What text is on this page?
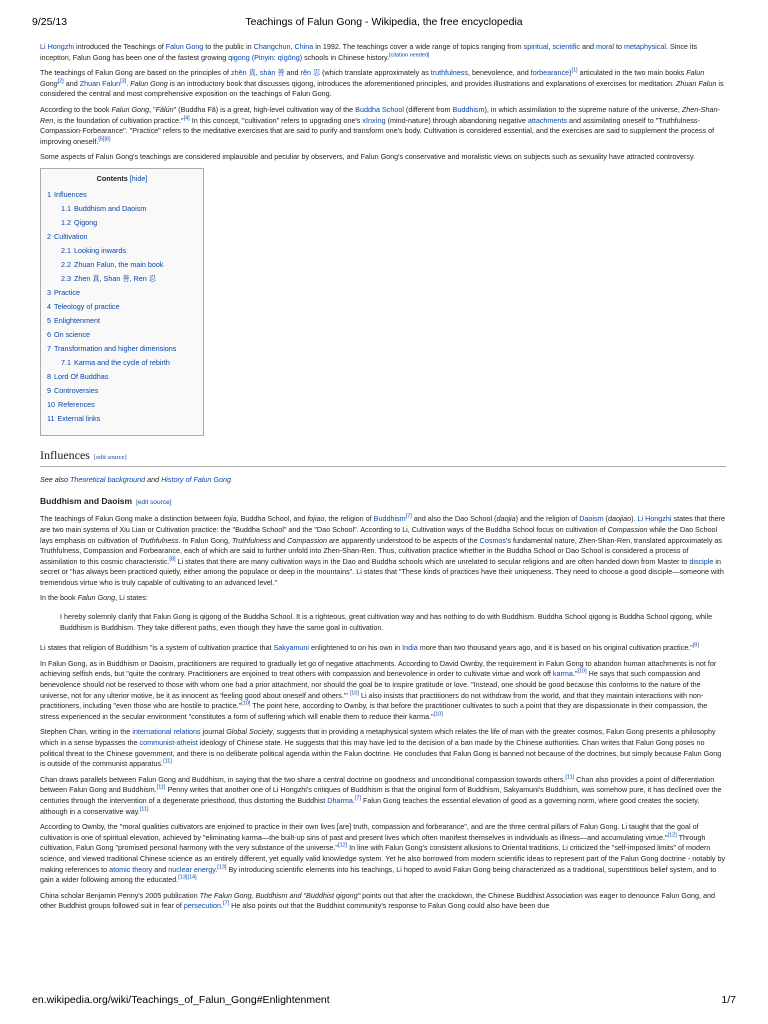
9/25/13	Teachings of Falun Gong - Wikipedia, the free encyclopedia

Li Hongzhi introduced the Teachings of Falun Gong to the public in Changchun, China in 1992. The teachings cover a wide range of topics ranging from spiritual, scientific and moral to metaphysical. Since its inception, Falun Gong has been one of the fastest growing qigong (Pinyin: qìgōng) schools in Chinese history.[citation needed]

The teachings of Falun Gong are based on the principles of zhēn 真, shàn 善 and rěn 忍 (which translate approximately as truthfulness, benevolence, and forbearance)[1] articulated in the two main books Falun Gong[2] and Zhuan Falun[3]. Falun Gong is an introductory book that discusses qigong, introduces the aforementioned principles, and provides illustrations and explanations of exercises for meditation. Zhuan Falun is considered the central and most comprehensive exposition on the teachings of Falun Gong.

According to the book Falun Gong, "Fălún" (Buddha Fă) is a great, high-level cultivation way of the Buddha School (different from Buddhism), in which assimilation to the supreme nature of the universe, Zhen-Shan-Ren, is the foundation of cultivation practice."[4] In this concept, "cultivation" refers to upgrading one's xīnxìng (mind-nature) through abandoning negative attachments and assimilating oneself to "Truthfulness-Compassion-Forbearance". "Practice" refers to the meditative exercises that are said to purify and transform one's body. Cultivation is considered essential, and the exercises are said to supplement the process of improving oneself.[5][6]

Some aspects of Falun Gong's teachings are considered implausible and peculiar by observers, and Falun Gong's conservative and moralistic views on subjects such as sexuality have attracted controversy.

Contents [hide]
1 Influences
1.1 Buddhism and Daoism
1.2 Qigong
2 Cultivation
2.1 Looking inwards
2.2 Zhuan Falun, the main book
2.3 Zhen 真, Shan 善, Ren 忍
3 Practice
4 Teleology of practice
5 Enlightenment
6 On science
7 Transformation and higher dimensions
7.1 Karma and the cycle of rebirth
8 Lord Of Buddhas
9 Controversies
10 References
11 External links
Influences [edit source]
See also Theoretical background and History of Falun Gong
Buddhism and Daoism [edit source]

The teachings of Falun Gong make a distinction between fojia, Buddha School, and fojiao, the religion of Buddhism[7] and also the Dao School (daojia) and the religion of Daoism (daojiao). Li Hongzhi states that there are two main systems of Xiu Lian or Cultivation practice: the "Buddha School" and the "Dao School". According to Li, Cultivation ways of the Buddha School focus on cultivation of Compassion while the Dao School lays emphasis on cultivation of Truthfulness. In Falun Gong, Truthfulness and Compassion are apparently understood to be aspects of the Cosmos's fundamental nature, Zhen-Shan-Ren, translated approximately as Truthfulness, Compassion and Forbearance, each of which are said to further unfold into Zhen-Shan-Ren. Thus, cultivation practice whether in the Buddha School or Dao School is considered a process of assimilation to this cosmic characteristic.[8] Li states that there are many cultivation ways in the Dao and Buddha schools which are unrelated to secular religions and are often handed down from Master to disciple in secret or "has always been practiced quietly, either among the populace or deep in the mountains". Li states that "These kinds of practices have their uniqueness. They need to choose a good disciple—someone with tremendous virtue who is truly capable of cultivating to an advanced level."

In the book Falun Gong, Li states:

I hereby solemnly clarify that Falun Gong is qigong of the Buddha School. It is a righteous, great cultivation way and has nothing to do with Buddhism. Buddha School qigong is Buddha School qigong, while Buddhism is Buddhism. They take different paths, even though they have the same goal in cultivation.

Li states that religion of Buddhism "is a system of cultivation practice that Sakyamuni enlightened to on his own in India more than two thousand years ago, and it is based on his original cultivation practice."[9]

In Falun Gong, as in Buddhism or Daoism, practitioners are required to gradually let go of negative attachments. According to David Ownby, the requirement in Falun Gong to abandon human attachments is not for achieving selfish ends, but "quite the contrary. Practitioners are enjoined to treat others with compassion and benevolence in order to cultivate virtue and work off karma."[10] He says that such compassion and benevolence should not be reserved to those with whom one had a prior attachment, nor should the goal be to inspire gratitude or love. "Instead, one should be good because this conforms to the nature of the universe, not for any ulterior motive, be it as innocent as 'feeling good about oneself and others.'" [10] Li also insists that practitioners do not withdraw from the world, and that they maintain interactions with non-practitioners, including "even those who are hostile to practice."[10] The point here, according to Ownby, is that before the practitioner cultivates to such a point that they are dispassionate in their compassion, the stress experienced in the secular environment "constitutes a form of suffering which will enable them to reduce their karma."[10]

Stephen Chan, writing in the international relations journal Global Society, suggests that in providing a metaphysical system which relates the life of man with the greater cosmos, Falun Gong presents a philosophy which in a sense bypasses the communist-atheist ideology of Chinese state. He suggests that this may have led to the decision of a ban made by the Chinese authorities. Chan writes that Falun Gong poses no political threat to the Chinese government, and there is no deliberate political agenda within the Falun doctrine. He concludes that Falun Gong is banned not because of the doctrines, but simply because Falun Gong is outside of the communist apparatus.[11]

Chan draws parallels between Falun Gong and Buddhism, in saying that the two share a central doctrine on goodness and unconditional compassion towards others.[11] Chan also provides a point of differentiation between Falun Gong and Buddhism.[11] Penny writes that another one of Li Hongzhi's critiques of Buddhism is that the original form of Buddhism, Sakyamuni's Buddhism, was somehow pure, it has declined over the centuries through the intervention of a degenerate priesthood, thus distorting the Buddhist Dharma.[7] Falun Gong teaches the essential elevation of good as a governing norm, where good creates the society, although in a conservative way.[11]

According to Ownby, the "moral qualities cultivators are enjoined to practice in their own lives [are] truth, compassion and forbearance", and are the three central pillars of Falun Gong. Li taught that the goal of cultivation is one of spiritual elevation, achieved by "eliminating karma—the built-up sins of past and present lives which often manifest themselves in individuals as illness—and accumulating virtue."[12] Through cultivation, Falun Gong "promised personal harmony with the very substance of the universe."[12] In line with Falun Gong's consistent allusions to Oriental traditions, Li criticized the "self-imposed limits" of modern science, and viewed traditional Chinese science as an entirely different, yet equally valid knowledge system. Yet he also borrowed from modern scientific ideas to represent part of the Falun Gong doctrine - notably by making references to atomic theory and nuclear energy.[13] By introducing scientific elements into his teachings, Li hoped to avoid Falun Gong being characterized as a traditional, superstitious belief system, and to gain a wider following among the educated.[13][14]

China scholar Benjamin Penny's 2005 publication The Falun Gong, Buddhism and "Buddhist qigong" points out that after the crackdown, the Chinese Buddhist Association was eager to denounce Falun Gong, and other Buddhist groups followed suit in fear of persecution.[7] He also points out that the Buddhist community's response to Falun Gong could also have been due

en.wikipedia.org/wiki/Teachings_of_Falun_Gong#Enlightenment	1/7
